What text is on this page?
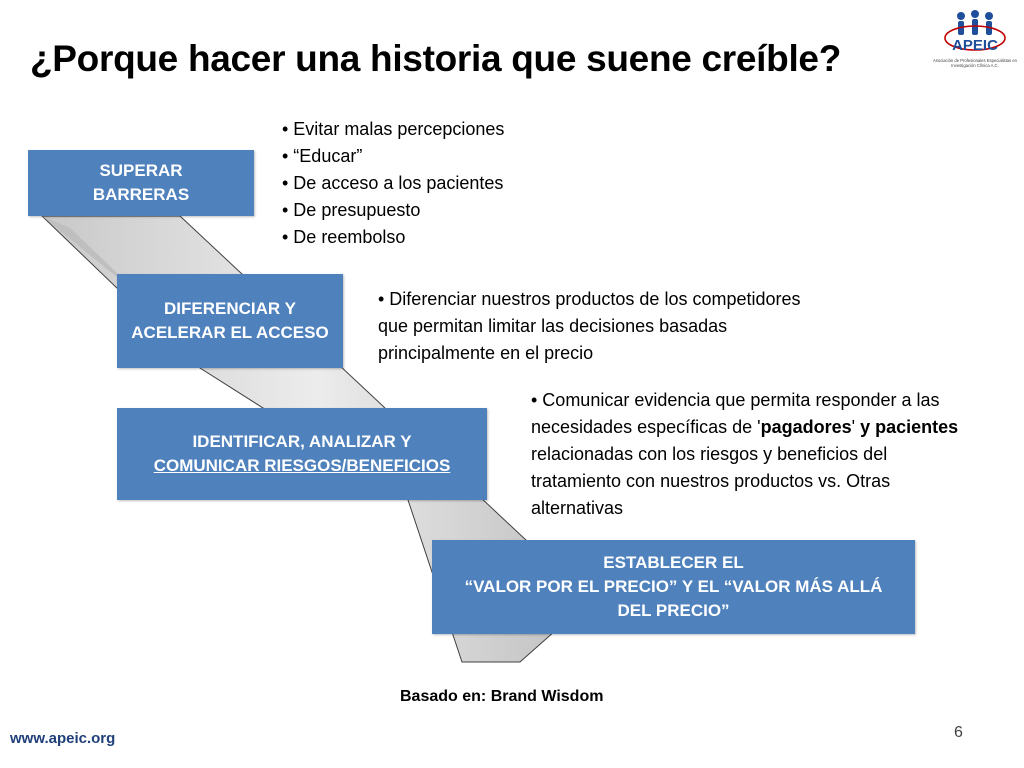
¿Porque hacer una historia que suene creíble?	APEIC
Asociación de Profesionales Especialistas en Investigación Clínica A.C.
SUPERAR
BARRERAS
DIFERENCIAR Y
ACELERAR EL ACCESO
IDENTIFICAR, ANALIZAR Y
COMUNICAR RIESGOS/BENEFICIOS
ESTABLECER EL
“VALOR POR EL PRECIO” Y EL “VALOR MÁS ALLÁ
DEL PRECIO”
• Evitar malas percepciones
• “Educar”
• De acceso a los pacientes
• De presupuesto
• De reembolso
• Diferenciar nuestros productos de los competidores
que permitan limitar las decisiones basadas
principalmente en el precio
• Comunicar evidencia que permita responder a las
necesidades específicas de 'pagadores' y pacientes
relacionadas con los riesgos y beneficios del
tratamiento con nuestros productos vs. Otras
alternativas
Basado en: Brand Wisdom
www.apeic.org	6
